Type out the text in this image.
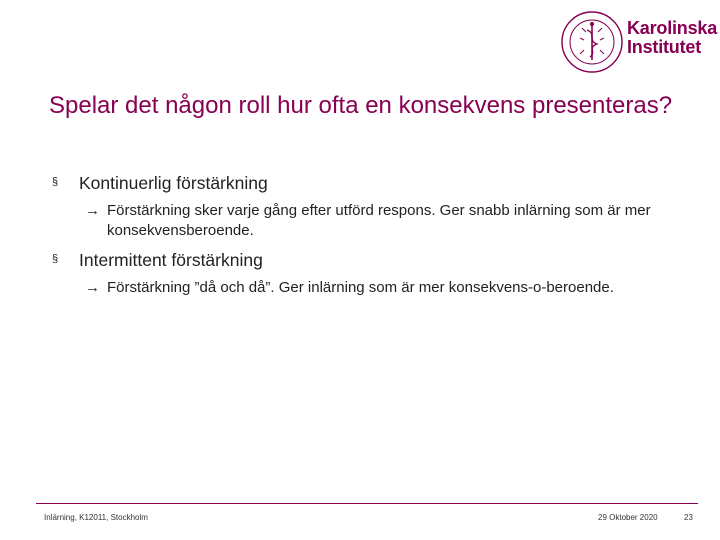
Karolinska
Institutet
Spelar det någon roll hur ofta en konsekvens presenteras?

§ Kontinuerlig förstärkning

→ Förstärkning sker varje gång efter utförd respons. Ger snabb inlärning som är mer konsekvensberoende.

§ Intermittent förstärkning

→ Förstärkning ”då och då”. Ger inlärning som är mer konsekvens-o-beroende.

Inlärning, K12011, Stockholm	29 Oktober 2020	23
